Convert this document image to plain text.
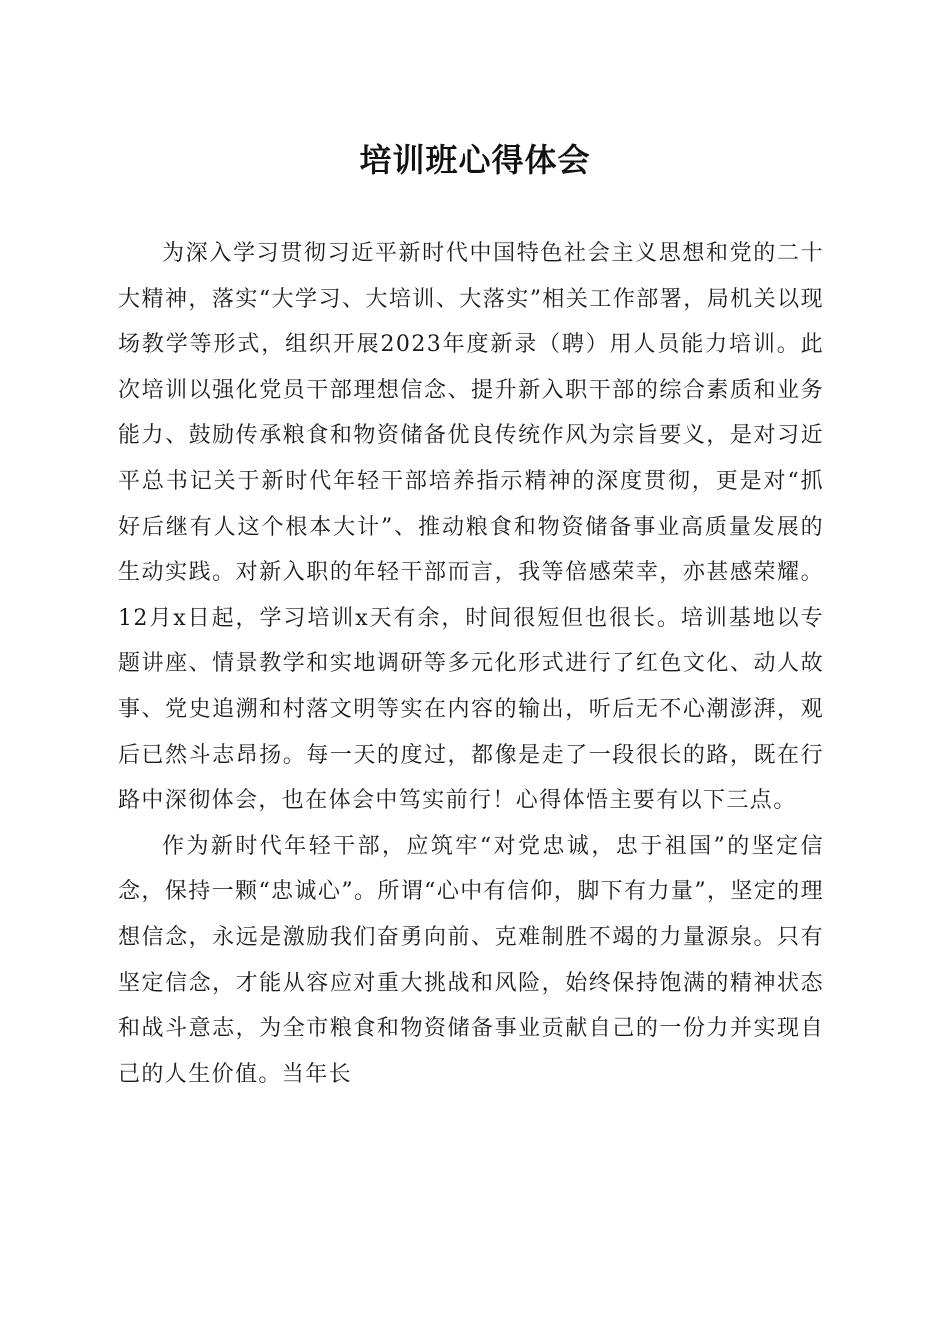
培训班心得体会

为深入学习贯彻习近平新时代中国特色社会主义思想和党的二十大精神，落实“大学习、大培训、大落实”相关工作部署，局机关以现场教学等形式，组织开展2023年度新录（聘）用人员能力培训。此次培训以强化党员干部理想信念、提升新入职干部的综合素质和业务能力、鼓励传承粮食和物资储备优良传统作风为宗旨要义，是对习近平总书记关于新时代年轻干部培养指示精神的深度贯彻，更是对“抓好后继有人这个根本大计”、推动粮食和物资储备事业高质量发展的生动实践。对新入职的年轻干部而言，我等倍感荣幸，亦甚感荣耀。12月x日起，学习培训x天有余，时间很短但也很长。培训基地以专题讲座、情景教学和实地调研等多元化形式进行了红色文化、动人故事、党史追溯和村落文明等实在内容的输出，听后无不心潮澎湃，观后已然斗志昂扬。每一天的度过，都像是走了一段很长的路，既在行路中深彻体会，也在体会中笃实前行！心得体悟主要有以下三点。

作为新时代年轻干部，应筑牢“对党忠诚，忠于祖国”的坚定信念，保持一颗“忠诚心”。所谓“心中有信仰，脚下有力量”，坚定的理想信念，永远是激励我们奋勇向前、克难制胜不竭的力量源泉。只有坚定信念，才能从容应对重大挑战和风险，始终保持饱满的精神状态和战斗意志，为全市粮食和物资储备事业贡献自己的一份力并实现自己的人生价值。当年长
